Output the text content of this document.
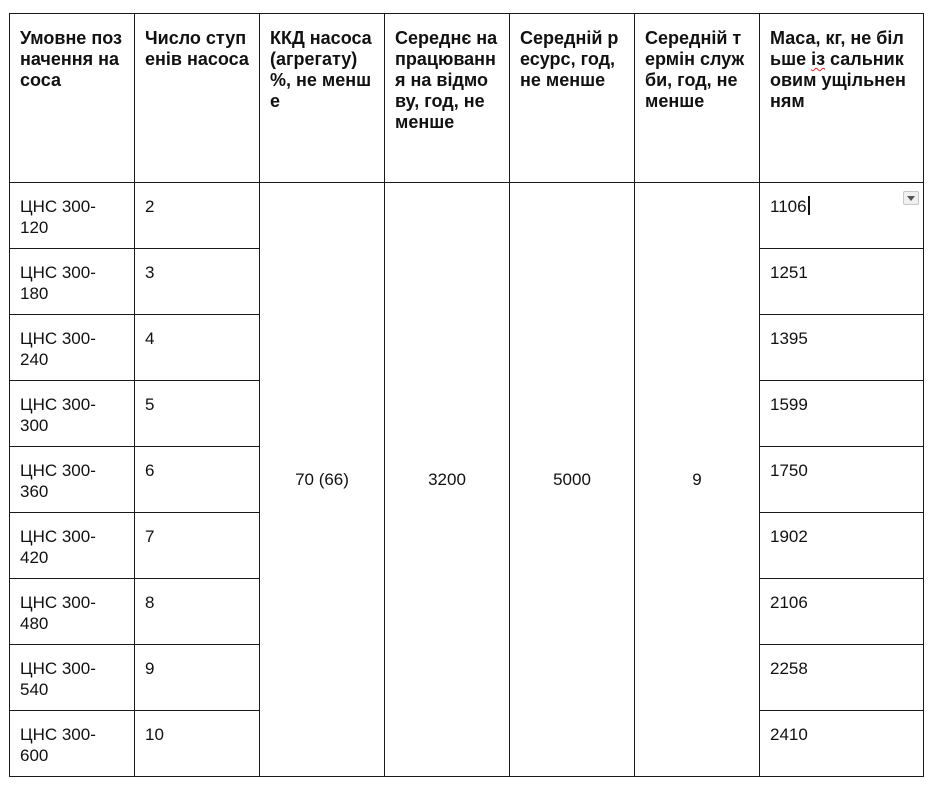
Умовне позначення насоса	Число ступенів насоса	ККД насоса (агрегату) %, не менше	Середнє напрацювання на відмову, год, не менше	Середній ресурс, год, не менше	Середній термін служби, год, не менше	Маса, кг, не більше із сальниковим ущільненням

ЦНС 300-120	2	70 (66)	3200	5000	9	1106

ЦНС 300-180	3					1251

ЦНС 300-240	4					1395

ЦНС 300-300	5					1599

ЦНС 300-360	6					1750

ЦНС 300-420	7					1902

ЦНС 300-480	8					2106

ЦНС 300-540	9					2258

ЦНС 300-600	10					2410
